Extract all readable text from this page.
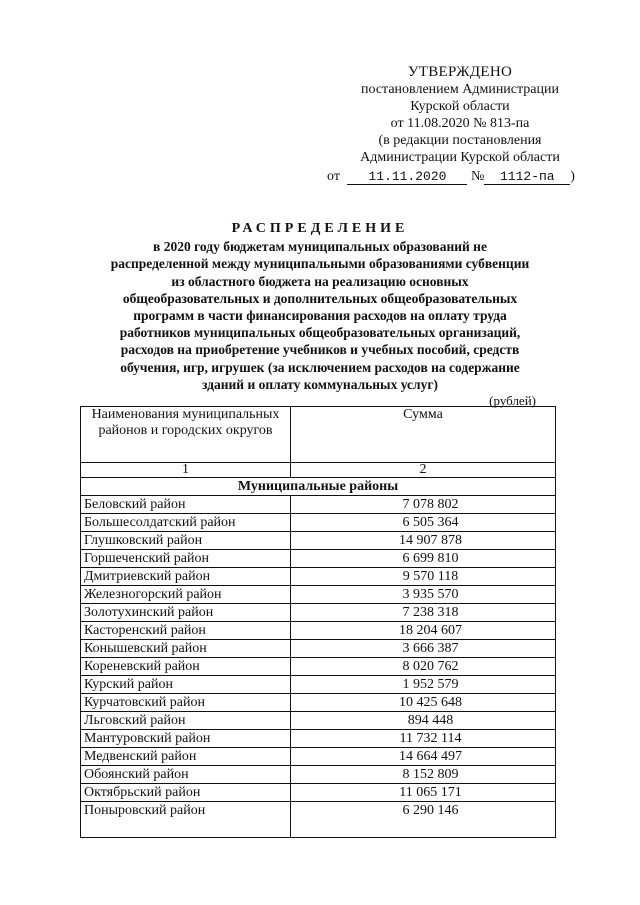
УТВЕРЖДЕНО
постановлением Администрации
Курской области
от 11.08.2020 № 813-па
(в редакции постановления
Администрации Курской области
от 11.11.2020 № 1112-па )
РАСПРЕДЕЛЕНИЕ
в 2020 году бюджетам муниципальных образований не
распределенной между муниципальными образованиями субвенции
из областного бюджета на реализацию основных
общеобразовательных и дополнительных общеобразовательных
программ в части финансирования расходов на оплату труда
работников муниципальных общеобразовательных организаций,
расходов на приобретение учебников и учебных пособий, средств
обучения, игр, игрушек (за исключением расходов на содержание
зданий и оплату коммунальных услуг)
(рублей)
Наименования муниципальных районов и городских округов	Сумма
1	2
Муниципальные районы	
Беловский район	7 078 802
Большесолдатский район	6 505 364
Глушковский район	14 907 878
Горшеченский район	6 699 810
Дмитриевский район	9 570 118
Железногорский район	3 935 570
Золотухинский район	7 238 318
Касторенский район	18 204 607
Конышевский район	3 666 387
Кореневский район	8 020 762
Курский район	1 952 579
Курчатовский район	10 425 648
Льговский район	894 448
Мантуровский район	11 732 114
Медвенский район	14 664 497
Обоянский район	8 152 809
Октябрьский район	11 065 171
Поныровский район	6 290 146
